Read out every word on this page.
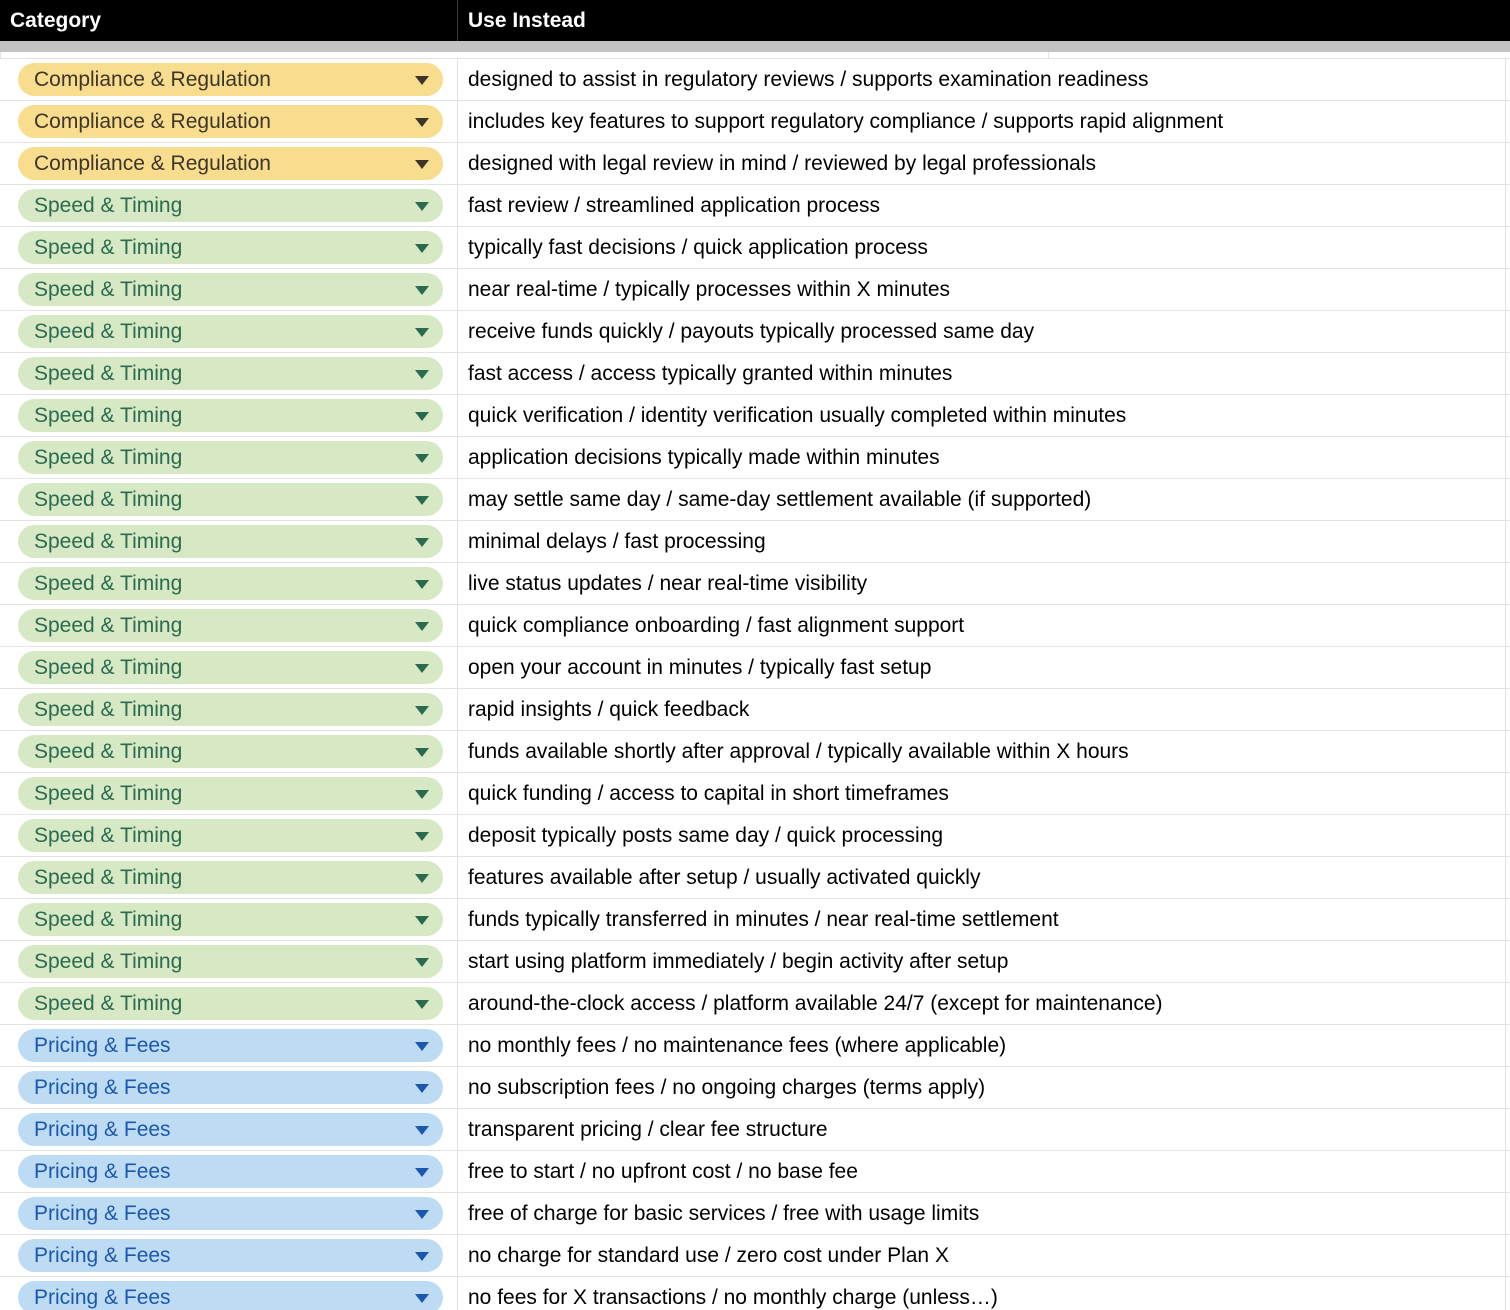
Category	Use Instead
Compliance & Regulation	designed to assist in regulatory reviews / supports examination readiness
Compliance & Regulation	includes key features to support regulatory compliance / supports rapid alignment
Compliance & Regulation	designed with legal review in mind / reviewed by legal professionals
Speed & Timing	fast review / streamlined application process
Speed & Timing	typically fast decisions / quick application process
Speed & Timing	near real-time / typically processes within X minutes
Speed & Timing	receive funds quickly / payouts typically processed same day
Speed & Timing	fast access / access typically granted within minutes
Speed & Timing	quick verification / identity verification usually completed within minutes
Speed & Timing	application decisions typically made within minutes
Speed & Timing	may settle same day / same-day settlement available (if supported)
Speed & Timing	minimal delays / fast processing
Speed & Timing	live status updates / near real-time visibility
Speed & Timing	quick compliance onboarding / fast alignment support
Speed & Timing	open your account in minutes / typically fast setup
Speed & Timing	rapid insights / quick feedback
Speed & Timing	funds available shortly after approval / typically available within X hours
Speed & Timing	quick funding / access to capital in short timeframes
Speed & Timing	deposit typically posts same day / quick processing
Speed & Timing	features available after setup / usually activated quickly
Speed & Timing	funds typically transferred in minutes / near real-time settlement
Speed & Timing	start using platform immediately / begin activity after setup
Speed & Timing	around-the-clock access / platform available 24/7 (except for maintenance)
Pricing & Fees	no monthly fees / no maintenance fees (where applicable)
Pricing & Fees	no subscription fees / no ongoing charges (terms apply)
Pricing & Fees	transparent pricing / clear fee structure
Pricing & Fees	free to start / no upfront cost / no base fee
Pricing & Fees	free of charge for basic services / free with usage limits
Pricing & Fees	no charge for standard use / zero cost under Plan X
Pricing & Fees	no fees for X transactions / no monthly charge (unless…)
